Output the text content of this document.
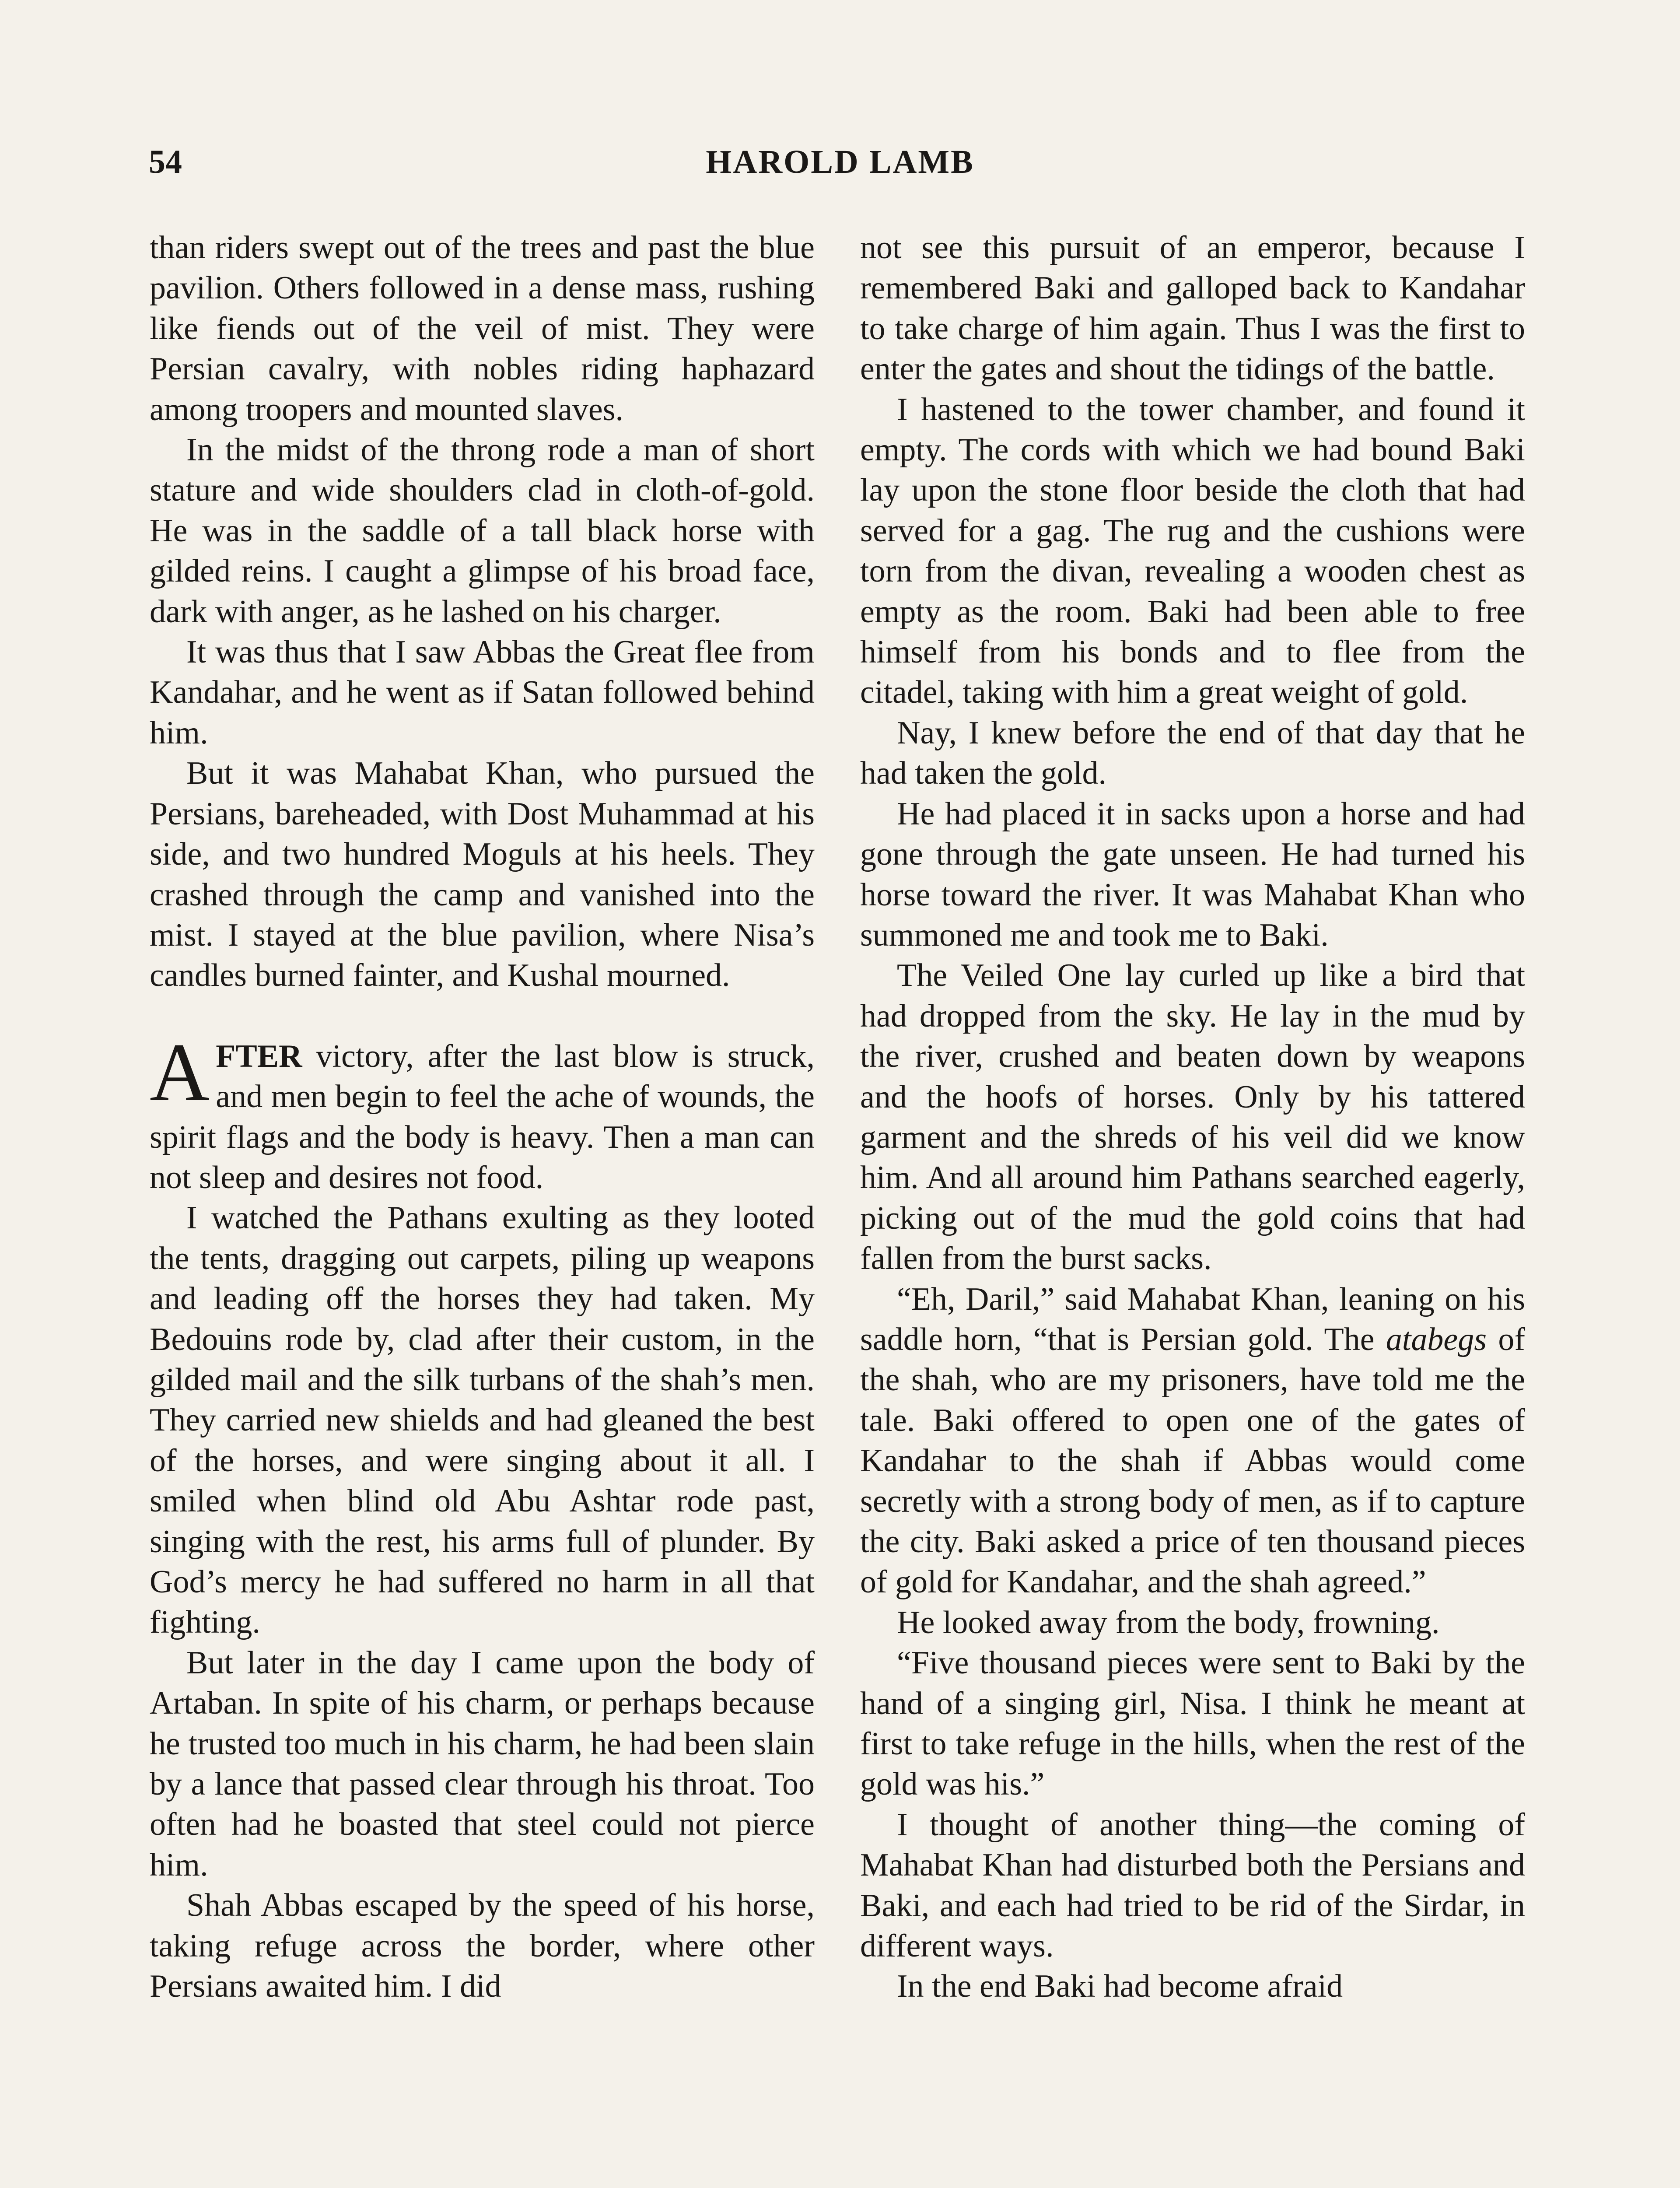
54	HAROLD LAMB

than riders swept out of the trees and past the blue pavilion. Others followed in a dense mass, rushing like fiends out of the veil of mist. They were Persian cavalry, with nobles riding haphazard among troopers and mounted slaves.

In the midst of the throng rode a man of short stature and wide shoulders clad in cloth-of-gold. He was in the saddle of a tall black horse with gilded reins. I caught a glimpse of his broad face, dark with anger, as he lashed on his charger.

It was thus that I saw Abbas the Great flee from Kandahar, and he went as if Satan followed behind him.

But it was Mahabat Khan, who pursued the Persians, bareheaded, with Dost Muhammad at his side, and two hundred Moguls at his heels. They crashed through the camp and vanished into the mist. I stayed at the blue pavilion, where Nisa’s candles burned fainter, and Kushal mourned.

AFTER victory, after the last blow is struck, and men begin to feel the ache of wounds, the spirit flags and the body is heavy. Then a man can not sleep and desires not food.

I watched the Pathans exulting as they looted the tents, dragging out carpets, piling up weapons and leading off the horses they had taken. My Bedouins rode by, clad after their custom, in the gilded mail and the silk turbans of the shah’s men. They carried new shields and had gleaned the best of the horses, and were singing about it all. I smiled when blind old Abu Ashtar rode past, singing with the rest, his arms full of plunder. By God’s mercy he had suffered no harm in all that fighting.

But later in the day I came upon the body of Artaban. In spite of his charm, or perhaps because he trusted too much in his charm, he had been slain by a lance that passed clear through his throat. Too often had he boasted that steel could not pierce him.

Shah Abbas escaped by the speed of his horse, taking refuge across the border, where other Persians awaited him. I did

not see this pursuit of an emperor, because I remembered Baki and galloped back to Kandahar to take charge of him again. Thus I was the first to enter the gates and shout the tidings of the battle.

I hastened to the tower chamber, and found it empty. The cords with which we had bound Baki lay upon the stone floor beside the cloth that had served for a gag. The rug and the cushions were torn from the divan, revealing a wooden chest as empty as the room. Baki had been able to free himself from his bonds and to flee from the citadel, taking with him a great weight of gold.

Nay, I knew before the end of that day that he had taken the gold.

He had placed it in sacks upon a horse and had gone through the gate unseen. He had turned his horse toward the river. It was Mahabat Khan who summoned me and took me to Baki.

The Veiled One lay curled up like a bird that had dropped from the sky. He lay in the mud by the river, crushed and beaten down by weapons and the hoofs of horses. Only by his tattered garment and the shreds of his veil did we know him. And all around him Pathans searched eagerly, picking out of the mud the gold coins that had fallen from the burst sacks.

“Eh, Daril,” said Mahabat Khan, leaning on his saddle horn, “that is Persian gold. The atabegs of the shah, who are my prisoners, have told me the tale. Baki offered to open one of the gates of Kandahar to the shah if Abbas would come secretly with a strong body of men, as if to capture the city. Baki asked a price of ten thousand pieces of gold for Kandahar, and the shah agreed.”

He looked away from the body, frowning.

“Five thousand pieces were sent to Baki by the hand of a singing girl, Nisa. I think he meant at first to take refuge in the hills, when the rest of the gold was his.”

I thought of another thing—the coming of Mahabat Khan had disturbed both the Persians and Baki, and each had tried to be rid of the Sirdar, in different ways.

In the end Baki had become afraid
